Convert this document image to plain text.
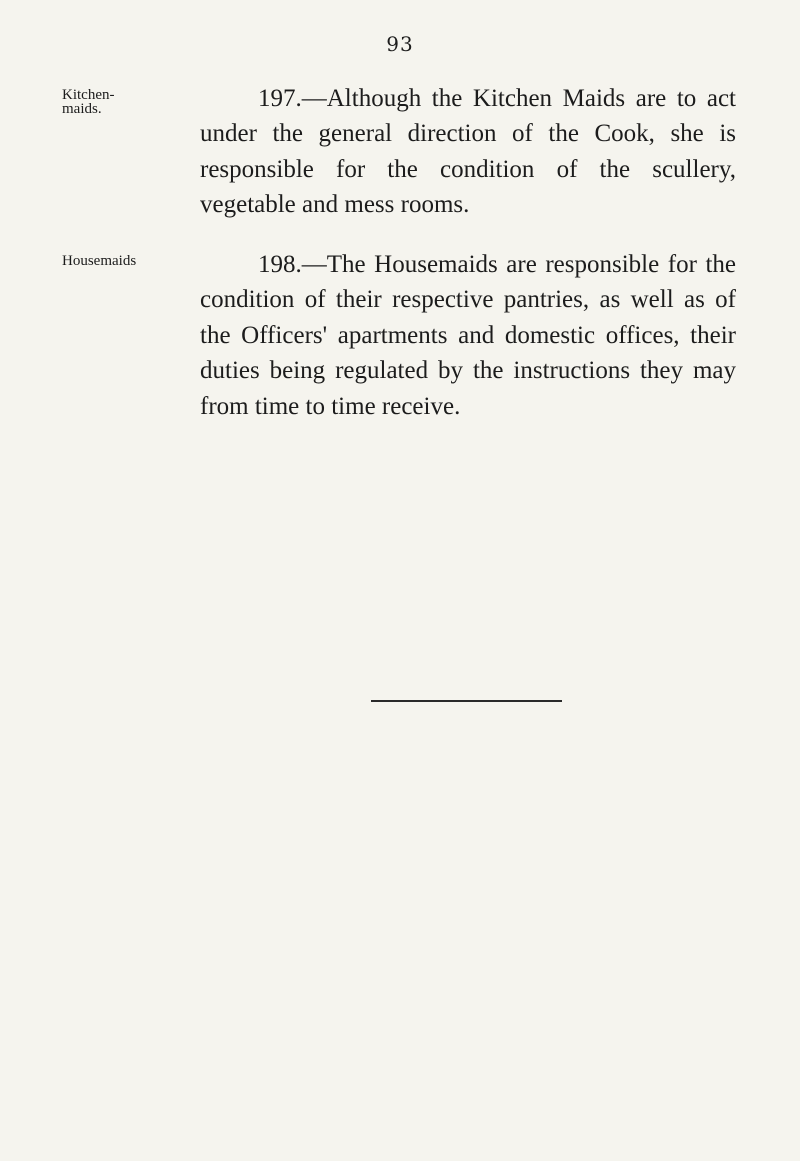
93
Kitchen-
maids.
Housemaids

197.—Although the Kitchen Maids are to act under the general direction of the Cook, she is responsible for the condition of the scullery, vegetable and mess rooms.

198.—The Housemaids are responsible for the condition of their respective pantries, as well as of the Officers' apartments and domestic offices, their duties being regulated by the instructions they may from time to time receive.
